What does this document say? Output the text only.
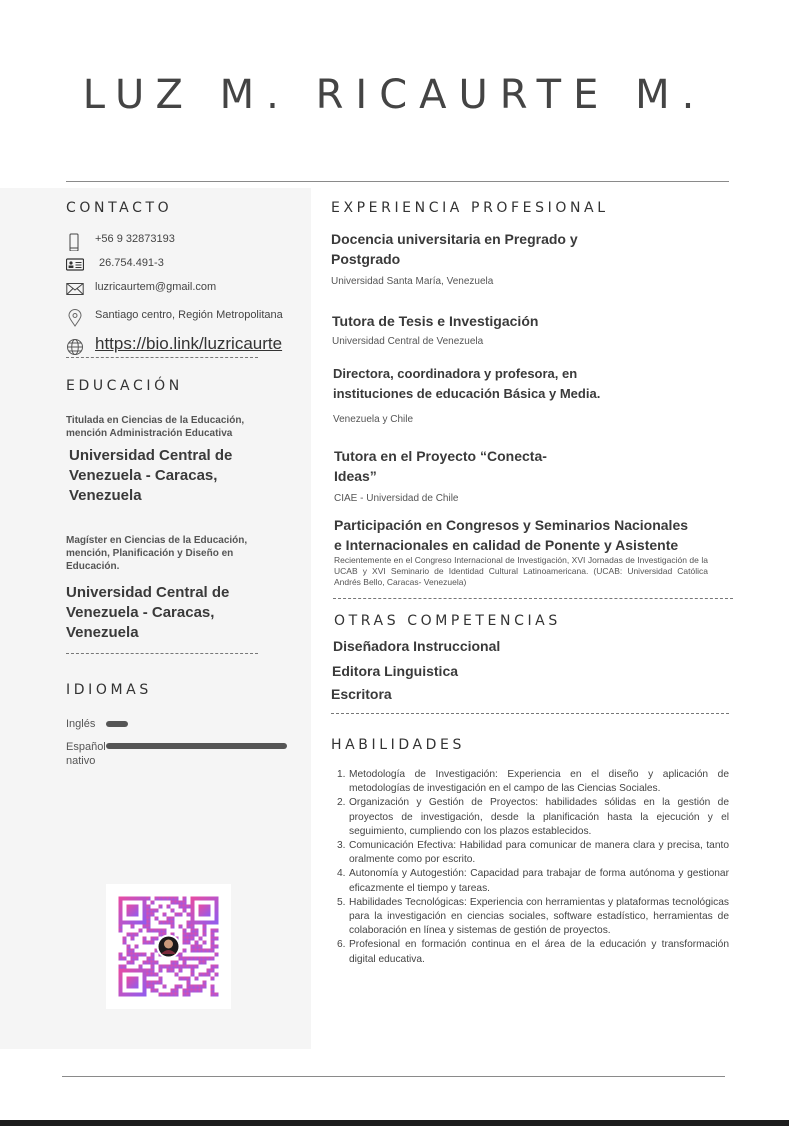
LUZ M. RICAURTE M.
CONTACTO
+56 9 32873193
26.754.491-3
luzricaurtem@gmail.com
Santiago centro, Región Metropolitana
https://bio.link/luzricaurte
EDUCACIÓN
Titulada en Ciencias de la Educación,
mención Administración Educativa
Universidad Central de
Venezuela - Caracas,
Venezuela
Magíster en Ciencias de la Educación,
mención, Planificación y Diseño en
Educación.
Universidad Central de
Venezuela - Caracas,
Venezuela
IDIOMAS
Inglés
Español
nativo
EXPERIENCIA PROFESIONAL
Docencia universitaria en Pregrado y
Postgrado
Universidad Santa María, Venezuela
Tutora de Tesis e Investigación
Universidad Central de Venezuela
Directora, coordinadora y profesora, en
instituciones de educación Básica y Media.
Venezuela y Chile
Tutora en el Proyecto “Conecta-
Ideas”
CIAE - Universidad de Chile
Participación en Congresos y Seminarios Nacionales
e Internacionales en calidad de Ponente y Asistente
Recientemente en el Congreso Internacional de Investigación, XVI Jornadas de Investigación de la UCAB y XVI Seminario de Identidad Cultural Latinoamericana. (UCAB: Universidad Católica Andrés Bello, Caracas- Venezuela)
OTRAS COMPETENCIAS
Diseñadora Instruccional
Editora Linguistica
Escritora
HABILIDADES
1. Metodología de Investigación: Experiencia en el diseño y aplicación de metodologías de investigación en el campo de las Ciencias Sociales.
2. Organización y Gestión de Proyectos: habilidades sólidas en la gestión de proyectos de investigación, desde la planificación hasta la ejecución y el seguimiento, cumpliendo con los plazos establecidos.
3. Comunicación Efectiva: Habilidad para comunicar de manera clara y precisa, tanto oralmente como por escrito.
4. Autonomía y Autogestión: Capacidad para trabajar de forma autónoma y gestionar eficazmente el tiempo y tareas.
5. Habilidades Tecnológicas: Experiencia con herramientas y plataformas tecnológicas para la investigación en ciencias sociales, software estadístico, herramientas de colaboración en línea y sistemas de gestión de proyectos.
6. Profesional en formación continua en el área de la educación y transformación digital educativa.
